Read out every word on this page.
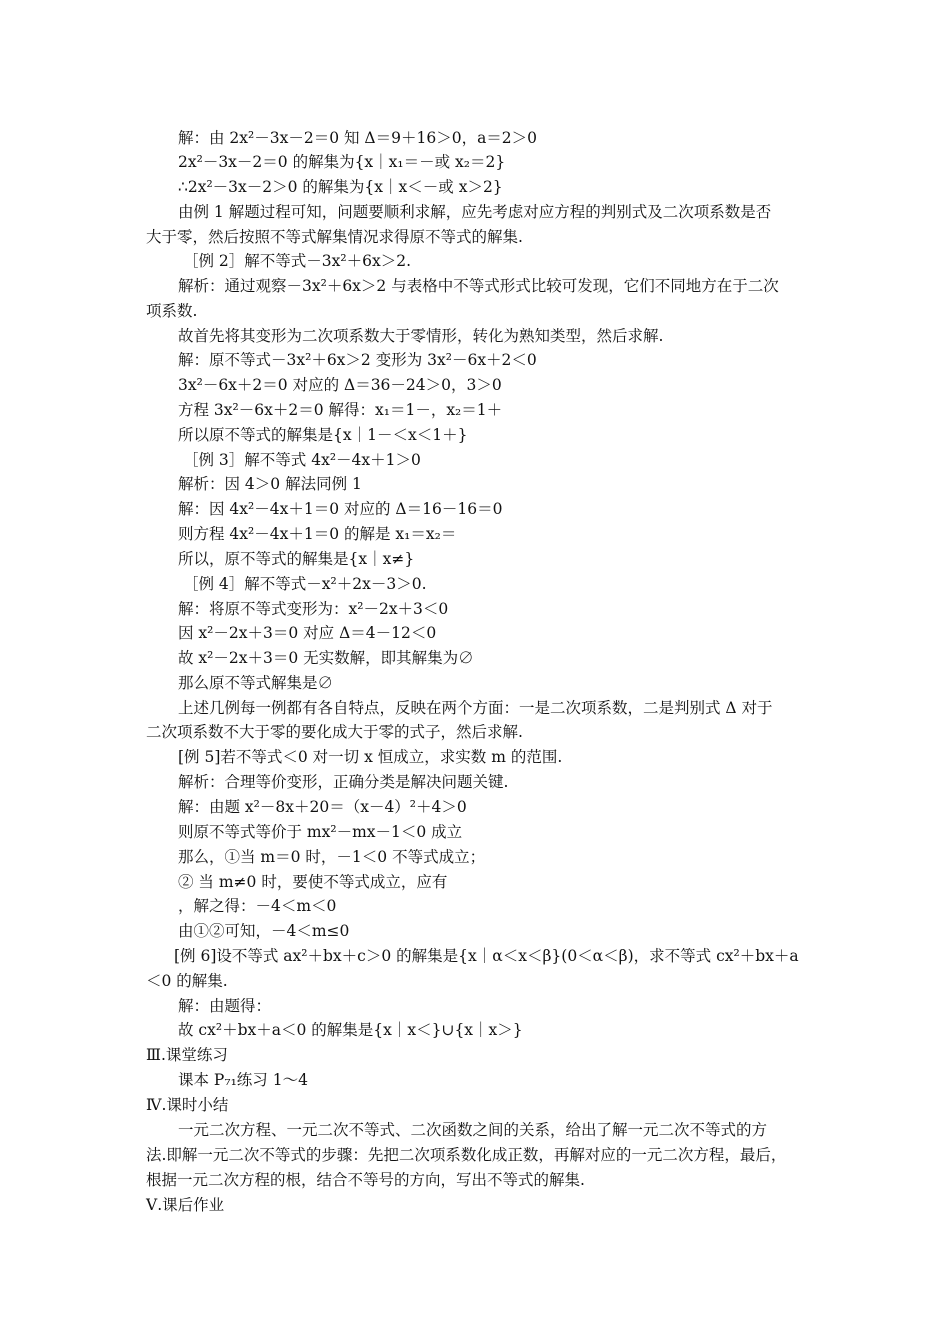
解：由 2x²－3x－2＝0 知 Δ＝9＋16＞0，a＝2＞0
2x²－3x－2＝0 的解集为{x｜x₁＝－或 x₂＝2}
∴2x²－3x－2＞0 的解集为{x｜x＜－或 x＞2}
由例 1 解题过程可知，问题要顺利求解，应先考虑对应方程的判别式及二次项系数是否
大于零，然后按照不等式解集情况求得原不等式的解集.
［例 2］解不等式－3x²＋6x＞2.
解析：通过观察－3x²＋6x＞2 与表格中不等式形式比较可发现，它们不同地方在于二次
项系数.
故首先将其变形为二次项系数大于零情形，转化为熟知类型，然后求解.
解：原不等式－3x²＋6x＞2 变形为 3x²－6x＋2＜0
3x²－6x＋2＝0 对应的 Δ＝36－24＞0，3＞0
方程 3x²－6x＋2＝0 解得：x₁＝1－，x₂＝1＋
所以原不等式的解集是{x｜1－＜x＜1＋}
［例 3］解不等式 4x²－4x＋1＞0
解析：因 4＞0 解法同例 1
解：因 4x²－4x＋1＝0 对应的 Δ＝16－16＝0
则方程 4x²－4x＋1＝0 的解是 x₁＝x₂＝
所以，原不等式的解集是{x｜x≠}
［例 4］解不等式－x²＋2x－3＞0.
解：将原不等式变形为：x²－2x＋3＜0
因 x²－2x＋3＝0 对应 Δ＝4－12＜0
故 x²－2x＋3＝0 无实数解，即其解集为∅
那么原不等式解集是∅
上述几例每一例都有各自特点，反映在两个方面：一是二次项系数，二是判别式 Δ 对于
二次项系数不大于零的要化成大于零的式子，然后求解.
[例 5]若不等式＜0 对一切 x 恒成立，求实数 m 的范围.
解析：合理等价变形，正确分类是解决问题关键.
解：由题 x²－8x＋20＝（x－4）²＋4＞0
则原不等式等价于 mx²－mx－1＜0 成立
那么，①当 m＝0 时，－1＜0 不等式成立；
② 当 m≠0 时，要使不等式成立，应有
，解之得：－4＜m＜0
由①②可知，－4＜m≤0
[例 6]设不等式 ax²＋bx＋c＞0 的解集是{x｜α＜x＜β}(0＜α＜β)，求不等式 cx²＋bx＋a
＜0 的解集.
解：由题得：
故 cx²＋bx＋a＜0 的解集是{x｜x＜}∪{x｜x＞}
Ⅲ.课堂练习
课本 P₇₁练习 1～4
Ⅳ.课时小结
一元二次方程、一元二次不等式、二次函数之间的关系，给出了解一元二次不等式的方
法.即解一元二次不等式的步骤：先把二次项系数化成正数，再解对应的一元二次方程，最后，
根据一元二次方程的根，结合不等号的方向，写出不等式的解集.
Ⅴ.课后作业
